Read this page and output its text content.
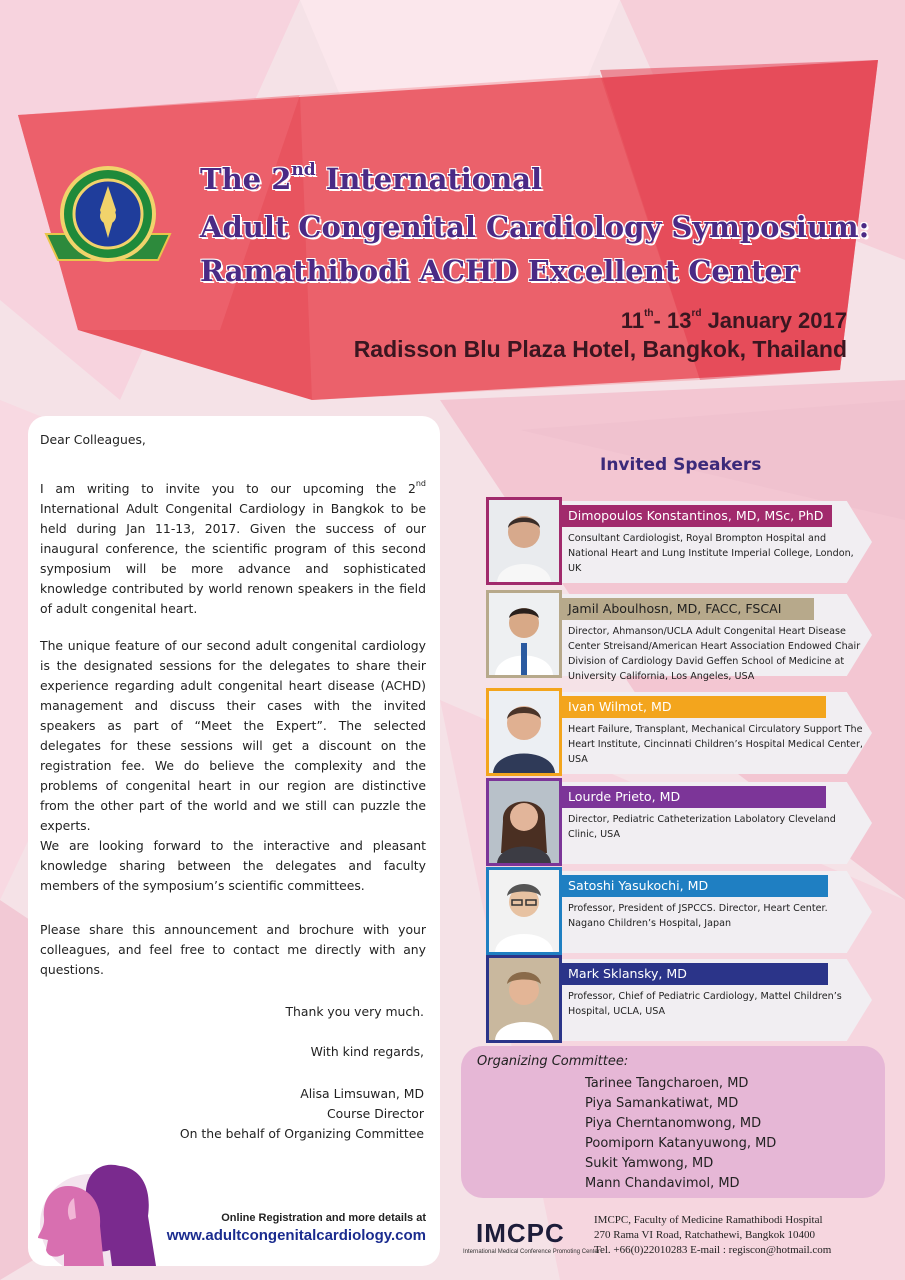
The 2nd International
Adult Congenital Cardiology Symposium:
Ramathibodi ACHD Excellent Center
11th- 13rd January 2017
Radisson Blu Plaza Hotel, Bangkok, Thailand

Dear Colleagues,

I am writing to invite you to our upcoming the 2nd International Adult Congenital Cardiology in Bangkok to be held during Jan 11-13, 2017. Given the success of our inaugural conference, the scientific program of this second symposium will be more advance and sophisticated knowledge contributed by world renown speakers in the field of adult congenital heart.

The unique feature of our second adult congenital cardiology is the designated sessions for the delegates to share their experience regarding adult congenital heart disease (ACHD) management and discuss their cases with the invited speakers as part of “Meet the Expert”. The selected delegates for these sessions will get a discount on the registration fee. We do believe the complexity and the problems of congenital heart in our region are distinctive from the other part of the world and we still can puzzle the experts.

We are looking forward to the interactive and pleasant knowledge sharing between the delegates and faculty members of the symposium’s scientific committees.

Please share this announcement and brochure with your colleagues, and feel free to contact me directly with any questions.

Thank you very much.
With kind regards,
Alisa Limsuwan, MD
Course Director
On the behalf of Organizing Committee
Online Registration and more details at
www.adultcongenitalcardiology.com
Invited Speakers
Dimopoulos Konstantinos, MD, MSc, PhD
Consultant Cardiologist, Royal Brompton Hospital and National Heart and Lung Institute Imperial College, London, UK
Jamil Aboulhosn, MD, FACC, FSCAI
Director, Ahmanson/UCLA Adult Congenital Heart Disease Center Streisand/American Heart Association Endowed Chair Division of Cardiology David Geffen School of Medicine at University California, Los Angeles, USA
Ivan Wilmot, MD
Heart Failure, Transplant, Mechanical Circulatory Support The Heart Institute, Cincinnati Children’s Hospital Medical Center, USA
Lourde Prieto, MD
Director, Pediatric Catheterization Labolatory Cleveland Clinic, USA
Satoshi Yasukochi, MD
Professor, President of JSPCCS. Director, Heart Center. Nagano Children’s Hospital, Japan
Mark Sklansky, MD
Professor, Chief of Pediatric Cardiology, Mattel Children’s Hospital, UCLA, USA
Organizing Committee:
Tarinee Tangcharoen, MD
Piya Samankatiwat, MD
Piya Cherntanomwong, MD
Poomiporn Katanyuwong, MD
Sukit Yamwong, MD
Mann Chandavimol, MD
IMCPC
International Medical Conference Promoting Center
IMCPC, Faculty of Medicine Ramathibodi Hospital
270 Rama VI Road, Ratchathewi, Bangkok 10400
Tel. +66(0)22010283 E-mail : regiscon@hotmail.com
